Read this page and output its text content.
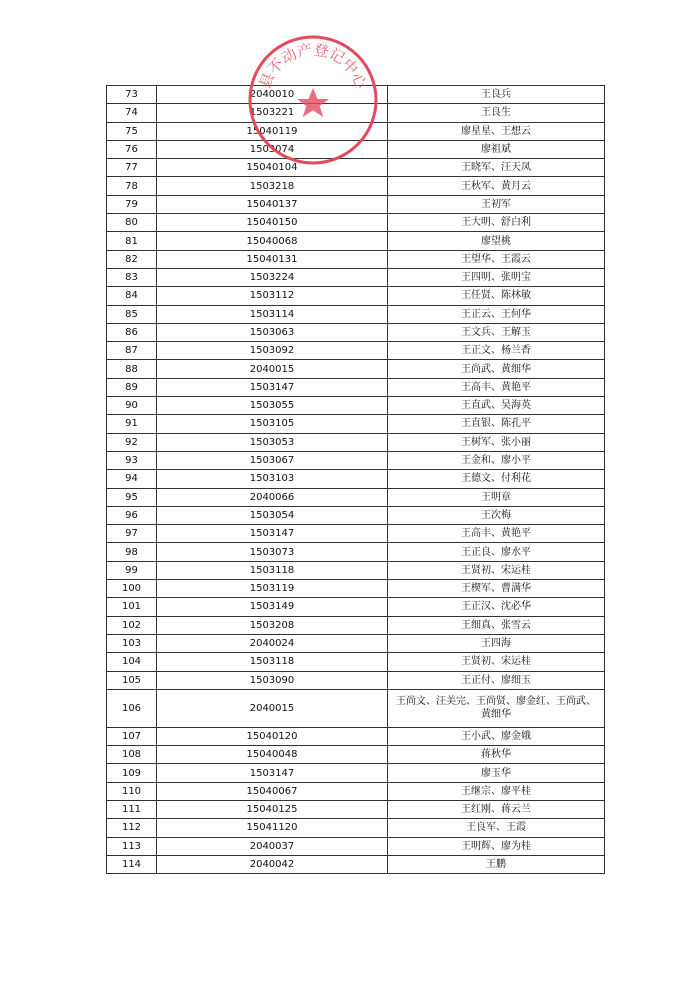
73	2040010	王良兵
74	1503221	王良生
75	15040119	廖星星、王想云
76	1503074	廖祖斌
77	15040104	王晓军、汪天凤
78	1503218	王秋军、黄月云
79	15040137	王初军
80	15040150	王大明、舒白利
81	15040068	廖望桃
82	15040131	王望华、王霞云
83	1503224	王四明、张明宝
84	1503112	王任贤、陈林敏
85	1503114	王正云、王何华
86	1503063	王文兵、王解玉
87	1503092	王正文、杨兰香
88	2040015	王尚武、黄细华
89	1503147	王高丰、黄艳平
90	1503055	王直武、吴海英
91	1503105	王直银、陈孔平
92	1503053	王树军、张小丽
93	1503067	王金和、廖小平
94	1503103	王德文、付利花
95	2040066	王明章
96	1503054	王次梅
97	1503147	王高丰、黄艳平
98	1503073	王正良、廖水平
99	1503118	王贤初、宋运桂
100	1503119	王楔军、曹满华
101	1503149	王正汉、沈必华
102	1503208	王细真、张雪云
103	2040024	王四海
104	1503118	王贤初、宋运桂
105	1503090	王正付、廖细玉
106	2040015	王尚文、汪美完、王尚贤、廖金红、王尚武、黄细华
107	15040120	王小武、廖金娥
108	15040048	蒋秋华
109	1503147	廖玉华
110	15040067	王继宗、廖平桂
111	15040125	王红刚、蒋云兰
112	15041120	王良军、王霞
113	2040037	王明辉、廖为桂
114	2040042	王鹏
县不动产登记中心
